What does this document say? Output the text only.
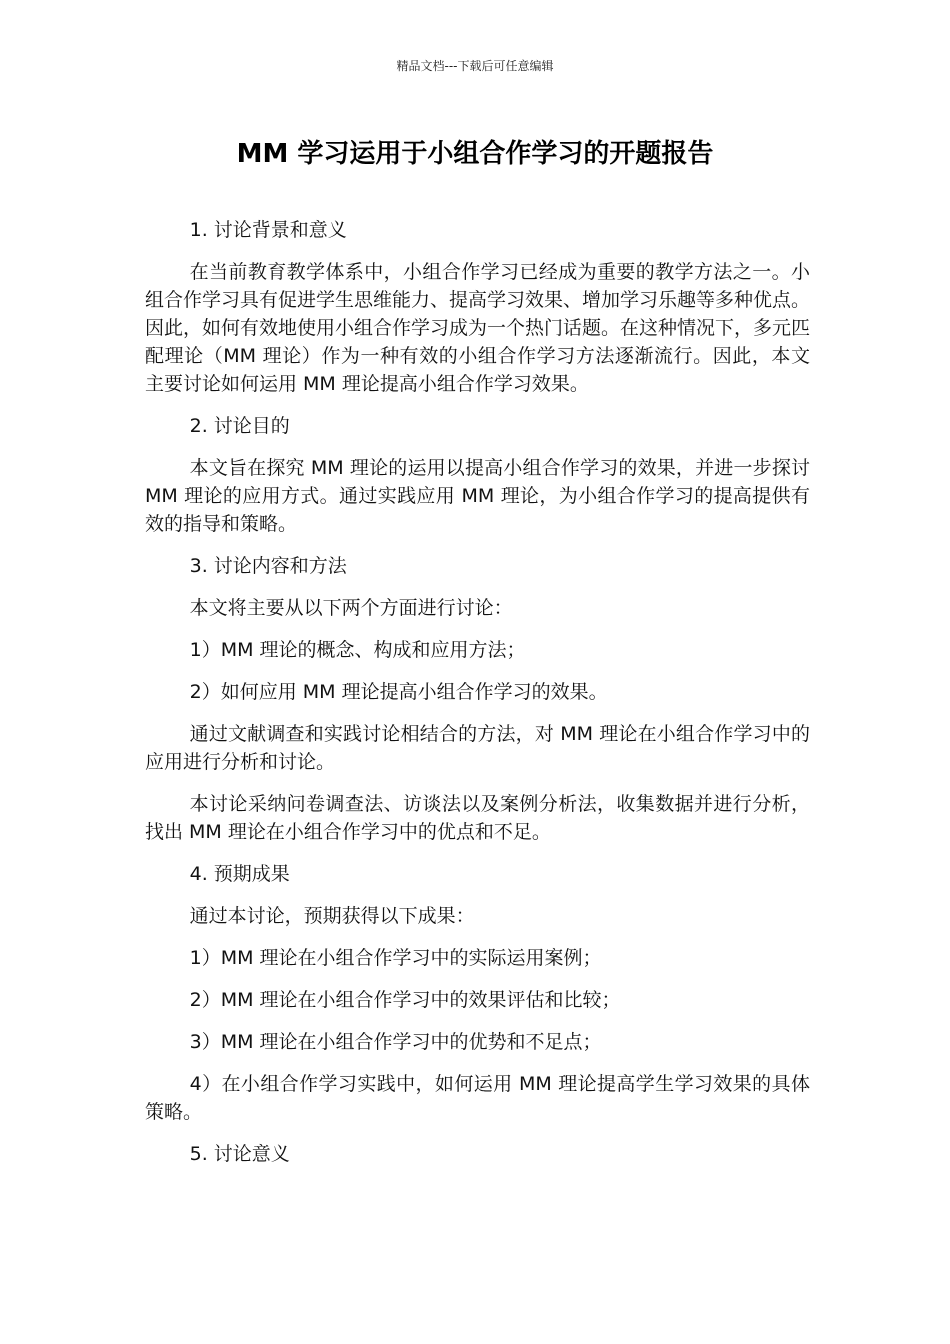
精品文档---下载后可任意编辑
MM 学习运用于小组合作学习的开题报告

1. 讨论背景和意义

在当前教育教学体系中，小组合作学习已经成为重要的教学方法之一。小组合作学习具有促进学生思维能力、提高学习效果、增加学习乐趣等多种优点。因此，如何有效地使用小组合作学习成为一个热门话题。在这种情况下，多元匹配理论（MM 理论）作为一种有效的小组合作学习方法逐渐流行。因此，本文主要讨论如何运用 MM 理论提高小组合作学习效果。

2. 讨论目的

本文旨在探究 MM 理论的运用以提高小组合作学习的效果，并进一步探讨 MM 理论的应用方式。通过实践应用 MM 理论，为小组合作学习的提高提供有效的指导和策略。

3. 讨论内容和方法

本文将主要从以下两个方面进行讨论：

1）MM 理论的概念、构成和应用方法；

2）如何应用 MM 理论提高小组合作学习的效果。

通过文献调查和实践讨论相结合的方法，对 MM 理论在小组合作学习中的应用进行分析和讨论。

本讨论采纳问卷调查法、访谈法以及案例分析法，收集数据并进行分析，找出 MM 理论在小组合作学习中的优点和不足。

4. 预期成果

通过本讨论，预期获得以下成果：

1）MM 理论在小组合作学习中的实际运用案例；

2）MM 理论在小组合作学习中的效果评估和比较；

3）MM 理论在小组合作学习中的优势和不足点；

4）在小组合作学习实践中，如何运用 MM 理论提高学生学习效果的具体策略。

5. 讨论意义
